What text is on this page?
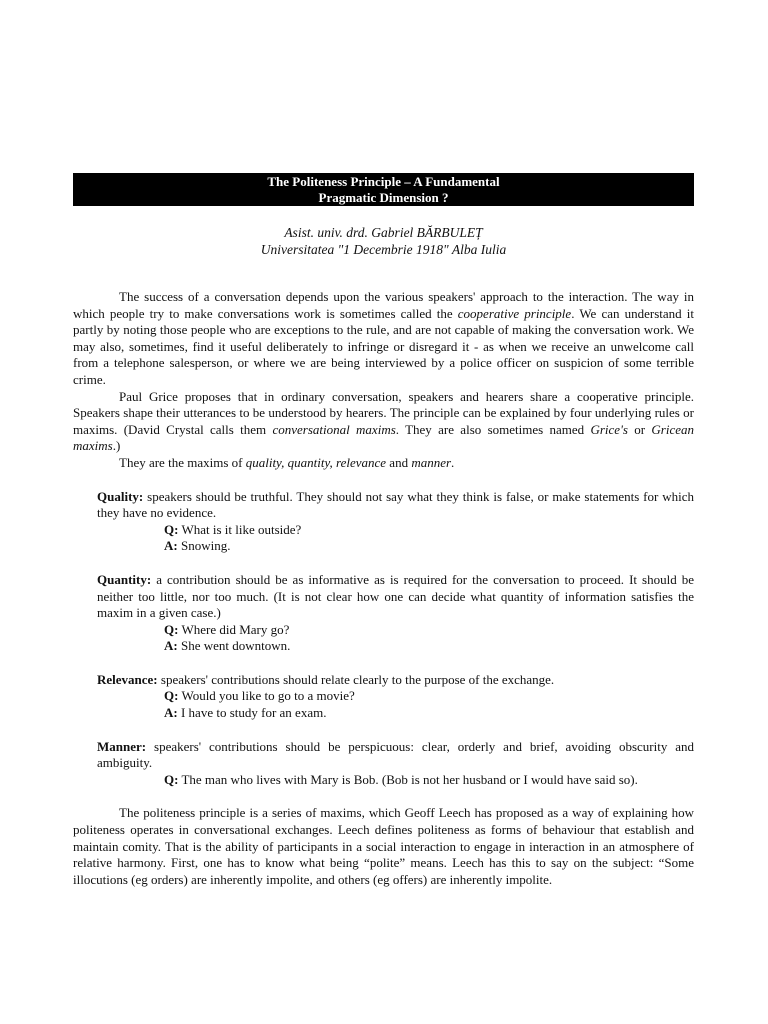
The Politeness Principle – A Fundamental
Pragmatic Dimension ?
Asist. univ. drd. Gabriel BĂRBULEȚ
Universitatea "1 Decembrie 1918" Alba Iulia

The success of a conversation depends upon the various speakers' approach to the interaction. The way in which people try to make conversations work is sometimes called the cooperative principle. We can understand it partly by noting those people who are exceptions to the rule, and are not capable of making the conversation work. We may also, sometimes, find it useful deliberately to infringe or disregard it - as when we receive an unwelcome call from a telephone salesperson, or where we are being interviewed by a police officer on suspicion of some terrible crime.

Paul Grice proposes that in ordinary conversation, speakers and hearers share a cooperative principle. Speakers shape their utterances to be understood by hearers. The principle can be explained by four underlying rules or maxims. (David Crystal calls them conversational maxims. They are also sometimes named Grice's or Gricean maxims.)

They are the maxims of quality, quantity, relevance and manner.

Quality: speakers should be truthful. They should not say what they think is false, or make statements for which they have no evidence.

Q: What is it like outside?

A: Snowing.

Quantity: a contribution should be as informative as is required for the conversation to proceed. It should be neither too little, nor too much. (It is not clear how one can decide what quantity of information satisfies the maxim in a given case.)

Q: Where did Mary go?

A: She went downtown.

Relevance: speakers' contributions should relate clearly to the purpose of the exchange.

Q: Would you like to go to a movie?

A: I have to study for an exam.

Manner: speakers' contributions should be perspicuous: clear, orderly and brief, avoiding obscurity and ambiguity.

Q: The man who lives with Mary is Bob. (Bob is not her husband or I would have said so).

The politeness principle is a series of maxims, which Geoff Leech has proposed as a way of explaining how politeness operates in conversational exchanges. Leech defines politeness as forms of behaviour that establish and maintain comity. That is the ability of participants in a social interaction to engage in interaction in an atmosphere of relative harmony. First, one has to know what being “polite” means. Leech has this to say on the subject: “Some illocutions (eg orders) are inherently impolite, and others (eg offers) are inherently impolite.
